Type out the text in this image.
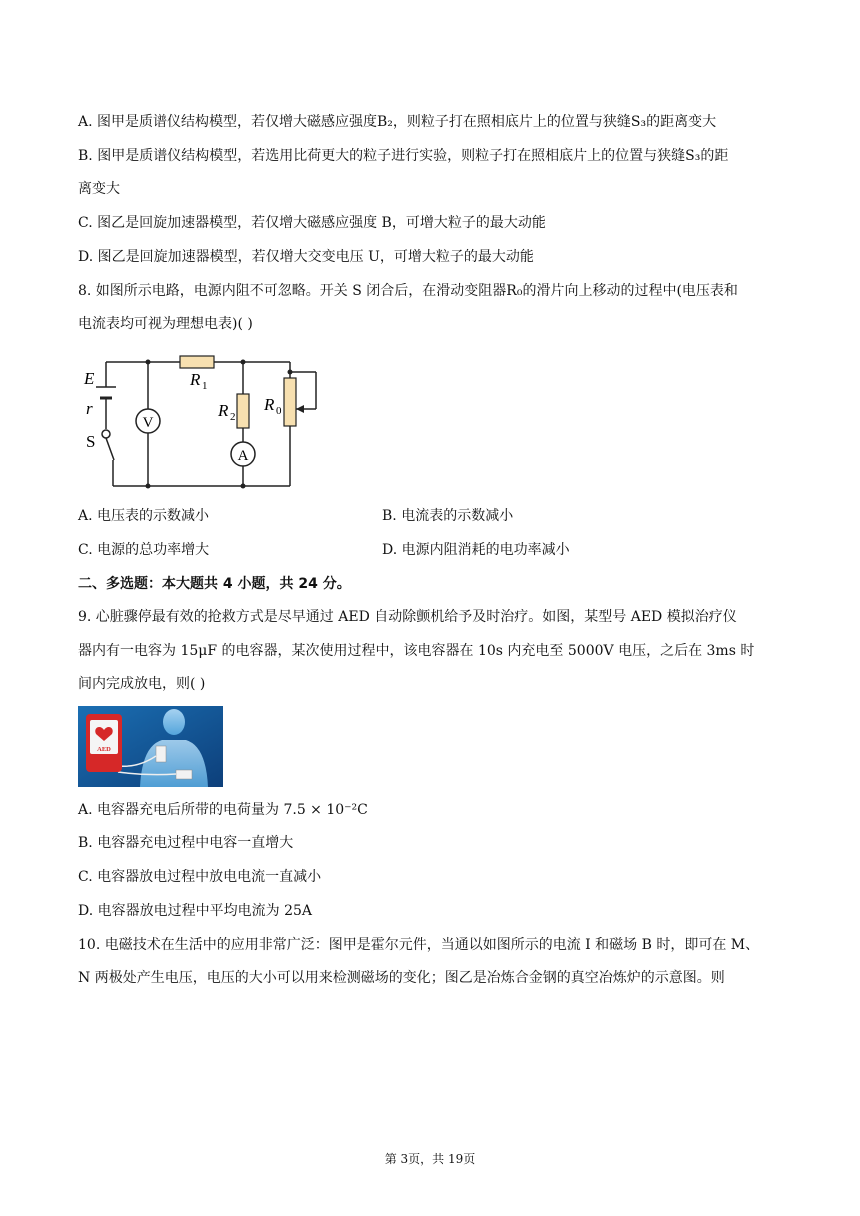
A. 图甲是质谱仪结构模型，若仅增大磁感应强度B₂，则粒子打在照相底片上的位置与狭缝S₃的距离变大
B. 图甲是质谱仪结构模型，若选用比荷更大的粒子进行实验，则粒子打在照相底片上的位置与狭缝S₃的距
离变大
C. 图乙是回旋加速器模型，若仅增大磁感应强度 B，可增大粒子的最大动能
D. 图乙是回旋加速器模型，若仅增大交变电压 U，可增大粒子的最大动能
8. 如图所示电路，电源内阻不可忽略。开关 S 闭合后，在滑动变阻器R₀的滑片向上移动的过程中(电压表和
电流表均可视为理想电表)( )
V
A
E
r
S
R 1
R 2
R 0
A. 电压表的示数减小	B. 电流表的示数减小
C. 电源的总功率增大	D. 电源内阻消耗的电功率减小
二、多选题：本大题共 4 小题，共 24 分。
9. 心脏骤停最有效的抢救方式是尽早通过 AED 自动除颤机给予及时治疗。如图，某型号 AED 模拟治疗仪
器内有一电容为 15μF 的电容器，某次使用过程中，该电容器在 10s 内充电至 5000V 电压，之后在 3ms 时
间内完成放电，则( )
AED
A. 电容器充电后所带的电荷量为 7.5 × 10⁻²C
B. 电容器充电过程中电容一直增大
C. 电容器放电过程中放电电流一直减小
D. 电容器放电过程中平均电流为 25A
10. 电磁技术在生活中的应用非常广泛：图甲是霍尔元件，当通以如图所示的电流 I 和磁场 B 时，即可在 M、
N 两极处产生电压，电压的大小可以用来检测磁场的变化；图乙是冶炼合金钢的真空冶炼炉的示意图。则
第 3页，共 19页
